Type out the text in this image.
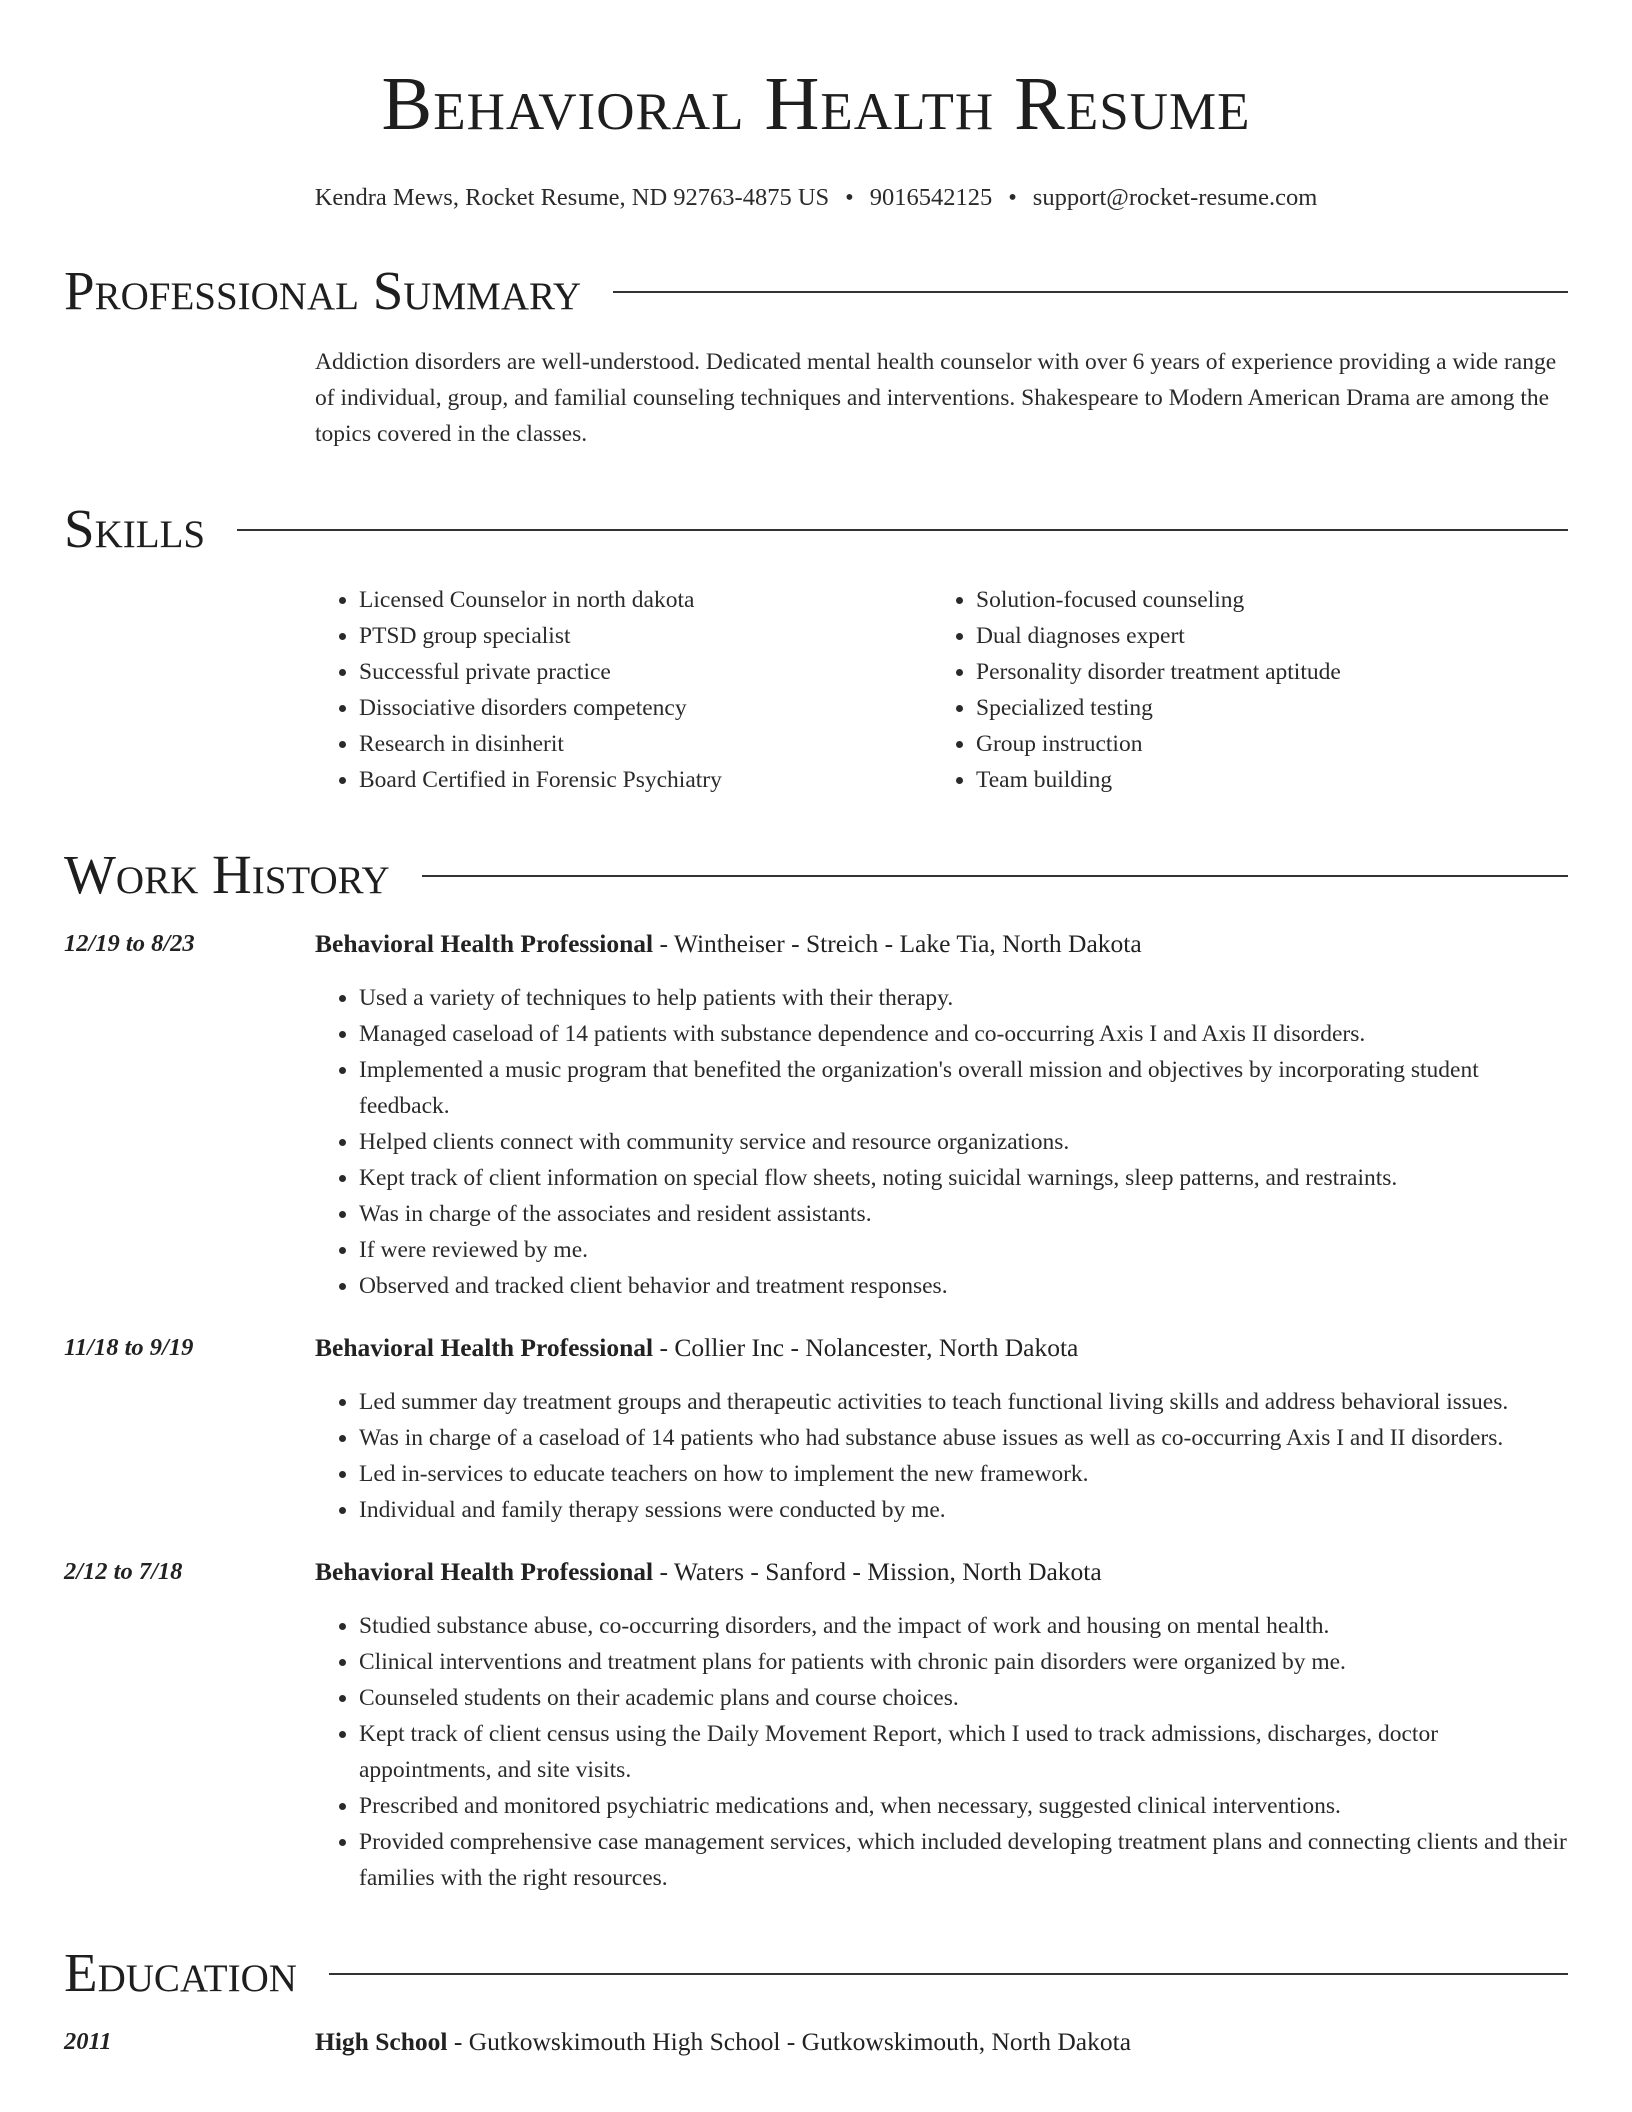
Behavioral Health Resume
Kendra Mews, Rocket Resume, ND 92763-4875 US • 9016542125 • support@rocket-resume.com
Professional Summary
Addiction disorders are well-understood. Dedicated mental health counselor with over 6 years of experience providing a wide range of individual, group, and familial counseling techniques and interventions. Shakespeare to Modern American Drama are among the topics covered in the classes.
Skills
• Licensed Counselor in north dakota
• PTSD group specialist
• Successful private practice
• Dissociative disorders competency
• Research in disinherit
• Board Certified in Forensic Psychiatry
• Solution-focused counseling
• Dual diagnoses expert
• Personality disorder treatment aptitude
• Specialized testing
• Group instruction
• Team building
Work History
12/19 to 8/23	Behavioral Health Professional - Wintheiser - Streich - Lake Tia, North Dakota
• Used a variety of techniques to help patients with their therapy.
• Managed caseload of 14 patients with substance dependence and co-occurring Axis I and Axis II disorders.
• Implemented a music program that benefited the organization's overall mission and objectives by incorporating student feedback.
• Helped clients connect with community service and resource organizations.
• Kept track of client information on special flow sheets, noting suicidal warnings, sleep patterns, and restraints.
• Was in charge of the associates and resident assistants.
• If were reviewed by me.
• Observed and tracked client behavior and treatment responses.
11/18 to 9/19	Behavioral Health Professional - Collier Inc - Nolancester, North Dakota
• Led summer day treatment groups and therapeutic activities to teach functional living skills and address behavioral issues.
• Was in charge of a caseload of 14 patients who had substance abuse issues as well as co-occurring Axis I and II disorders.
• Led in-services to educate teachers on how to implement the new framework.
• Individual and family therapy sessions were conducted by me.
2/12 to 7/18	Behavioral Health Professional - Waters - Sanford - Mission, North Dakota
• Studied substance abuse, co-occurring disorders, and the impact of work and housing on mental health.
• Clinical interventions and treatment plans for patients with chronic pain disorders were organized by me.
• Counseled students on their academic plans and course choices.
• Kept track of client census using the Daily Movement Report, which I used to track admissions, discharges, doctor appointments, and site visits.
• Prescribed and monitored psychiatric medications and, when necessary, suggested clinical interventions.
• Provided comprehensive case management services, which included developing treatment plans and connecting clients and their families with the right resources.
Education
2011	High School - Gutkowskimouth High School - Gutkowskimouth, North Dakota
